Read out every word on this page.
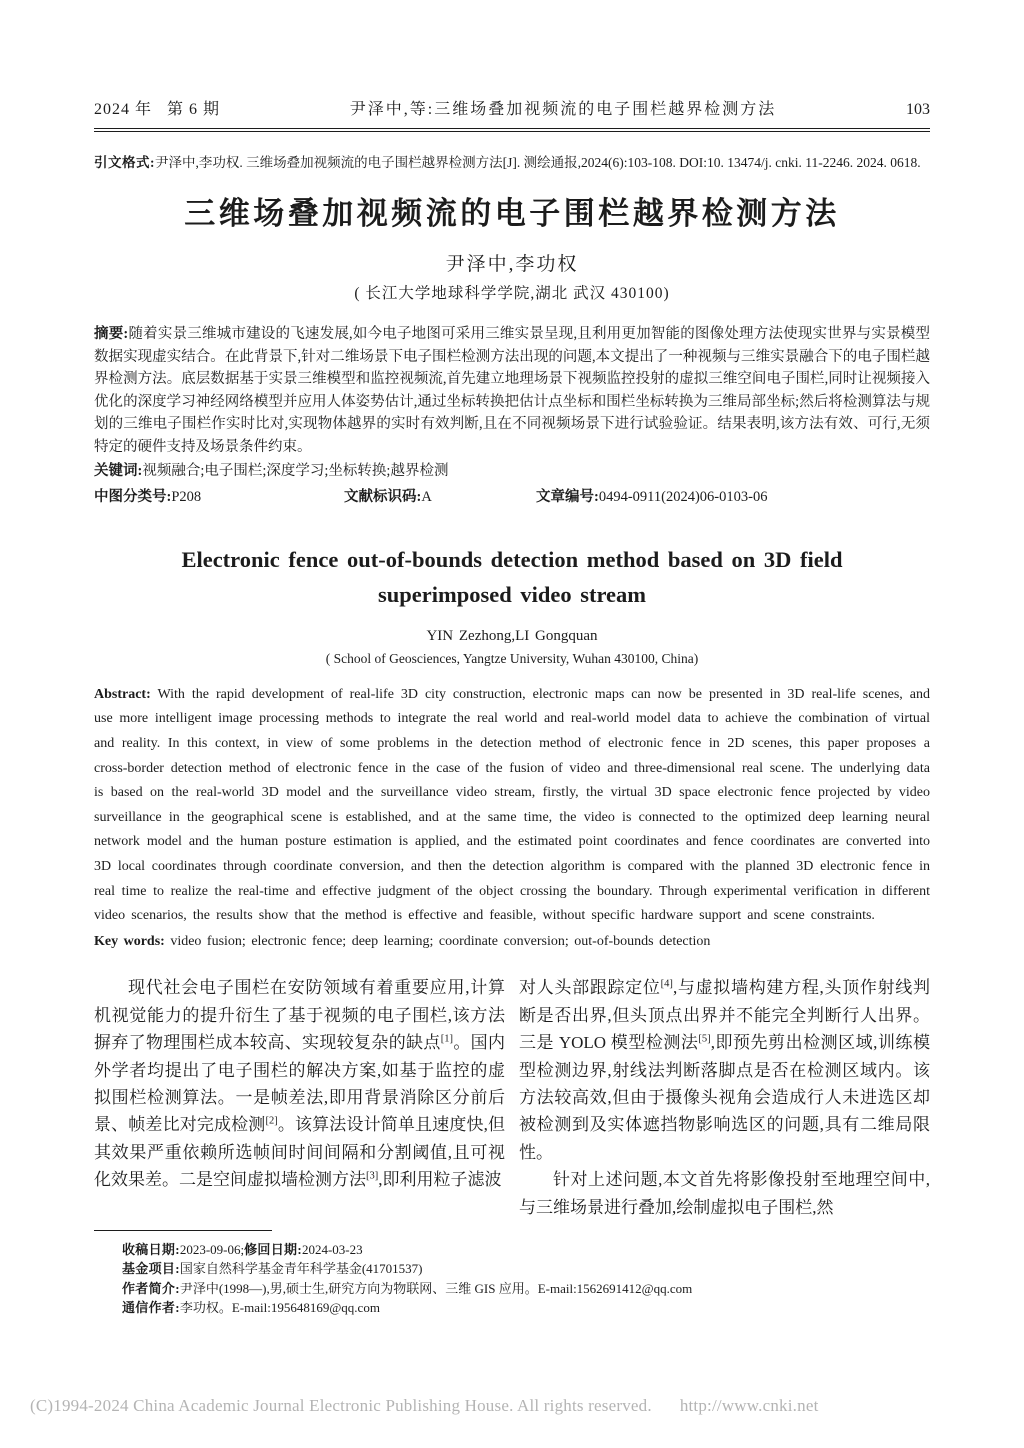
2024 年   第 6 期	尹泽中,等:三维场叠加视频流的电子围栏越界检测方法	103
引文格式:尹泽中,李功权. 三维场叠加视频流的电子围栏越界检测方法[J]. 测绘通报,2024(6):103-108. DOI:10. 13474/j. cnki. 11-2246. 2024. 0618.
三维场叠加视频流的电子围栏越界检测方法
尹泽中,李功权
( 长江大学地球科学学院,湖北 武汉 430100)
摘要:随着实景三维城市建设的飞速发展,如今电子地图可采用三维实景呈现,且利用更加智能的图像处理方法使现实世界与实景模型数据实现虚实结合。在此背景下,针对二维场景下电子围栏检测方法出现的问题,本文提出了一种视频与三维实景融合下的电子围栏越界检测方法。底层数据基于实景三维模型和监控视频流,首先建立地理场景下视频监控投射的虚拟三维空间电子围栏,同时让视频接入优化的深度学习神经网络模型并应用人体姿势估计,通过坐标转换把估计点坐标和围栏坐标转换为三维局部坐标;然后将检测算法与规划的三维电子围栏作实时比对,实现物体越界的实时有效判断,且在不同视频场景下进行试验验证。结果表明,该方法有效、可行,无须特定的硬件支持及场景条件约束。
关键词:视频融合;电子围栏;深度学习;坐标转换;越界检测
中图分类号:P208	文献标识码:A	文章编号:0494-0911(2024)06-0103-06
Electronic fence out-of-bounds detection method based on 3D field
superimposed video stream
YIN Zezhong,LI Gongquan
( School of Geosciences, Yangtze University, Wuhan 430100, China)
Abstract: With the rapid development of real-life 3D city construction, electronic maps can now be presented in 3D real-life scenes, and use more intelligent image processing methods to integrate the real world and real-world model data to achieve the combination of virtual and reality. In this context, in view of some problems in the detection method of electronic fence in 2D scenes, this paper proposes a cross-border detection method of electronic fence in the case of the fusion of video and three-dimensional real scene. The underlying data is based on the real-world 3D model and the surveillance video stream, firstly, the virtual 3D space electronic fence projected by video surveillance in the geographical scene is established, and at the same time, the video is connected to the optimized deep learning neural network model and the human posture estimation is applied, and the estimated point coordinates and fence coordinates are converted into 3D local coordinates through coordinate conversion, and then the detection algorithm is compared with the planned 3D electronic fence in real time to realize the real-time and effective judgment of the object crossing the boundary. Through experimental verification in different video scenarios, the results show that the method is effective and feasible, without specific hardware support and scene constraints.
Key words: video fusion; electronic fence; deep learning; coordinate conversion; out-of-bounds detection

现代社会电子围栏在安防领域有着重要应用,计算机视觉能力的提升衍生了基于视频的电子围栏,该方法摒弃了物理围栏成本较高、实现较复杂的缺点[1]。国内外学者均提出了电子围栏的解决方案,如基于监控的虚拟围栏检测算法。一是帧差法,即用背景消除区分前后景、帧差比对完成检测[2]。该算法设计简单且速度快,但其效果严重依赖所选帧间时间间隔和分割阈值,且可视化效果差。二是空间虚拟墙检测方法[3],即利用粒子滤波

对人头部跟踪定位[4],与虚拟墙构建方程,头顶作射线判断是否出界,但头顶点出界并不能完全判断行人出界。三是 YOLO 模型检测法[5],即预先剪出检测区域,训练模型检测边界,射线法判断落脚点是否在检测区域内。该方法较高效,但由于摄像头视角会造成行人未进选区却被检测到及实体遮挡物影响选区的问题,具有二维局限性。

针对上述问题,本文首先将影像投射至地理空间中,与三维场景进行叠加,绘制虚拟电子围栏,然

收稿日期:2023-09-06;修回日期:2024-03-23
基金项目:国家自然科学基金青年科学基金(41701537)
作者简介:尹泽中(1998—),男,硕士生,研究方向为物联网、三维 GIS 应用。E-mail:1562691412@qq.com
通信作者:李功权。E-mail:195648169@qq.com
(C)1994-2024 China Academic Journal Electronic Publishing House. All rights reserved. http://www.cnki.net
